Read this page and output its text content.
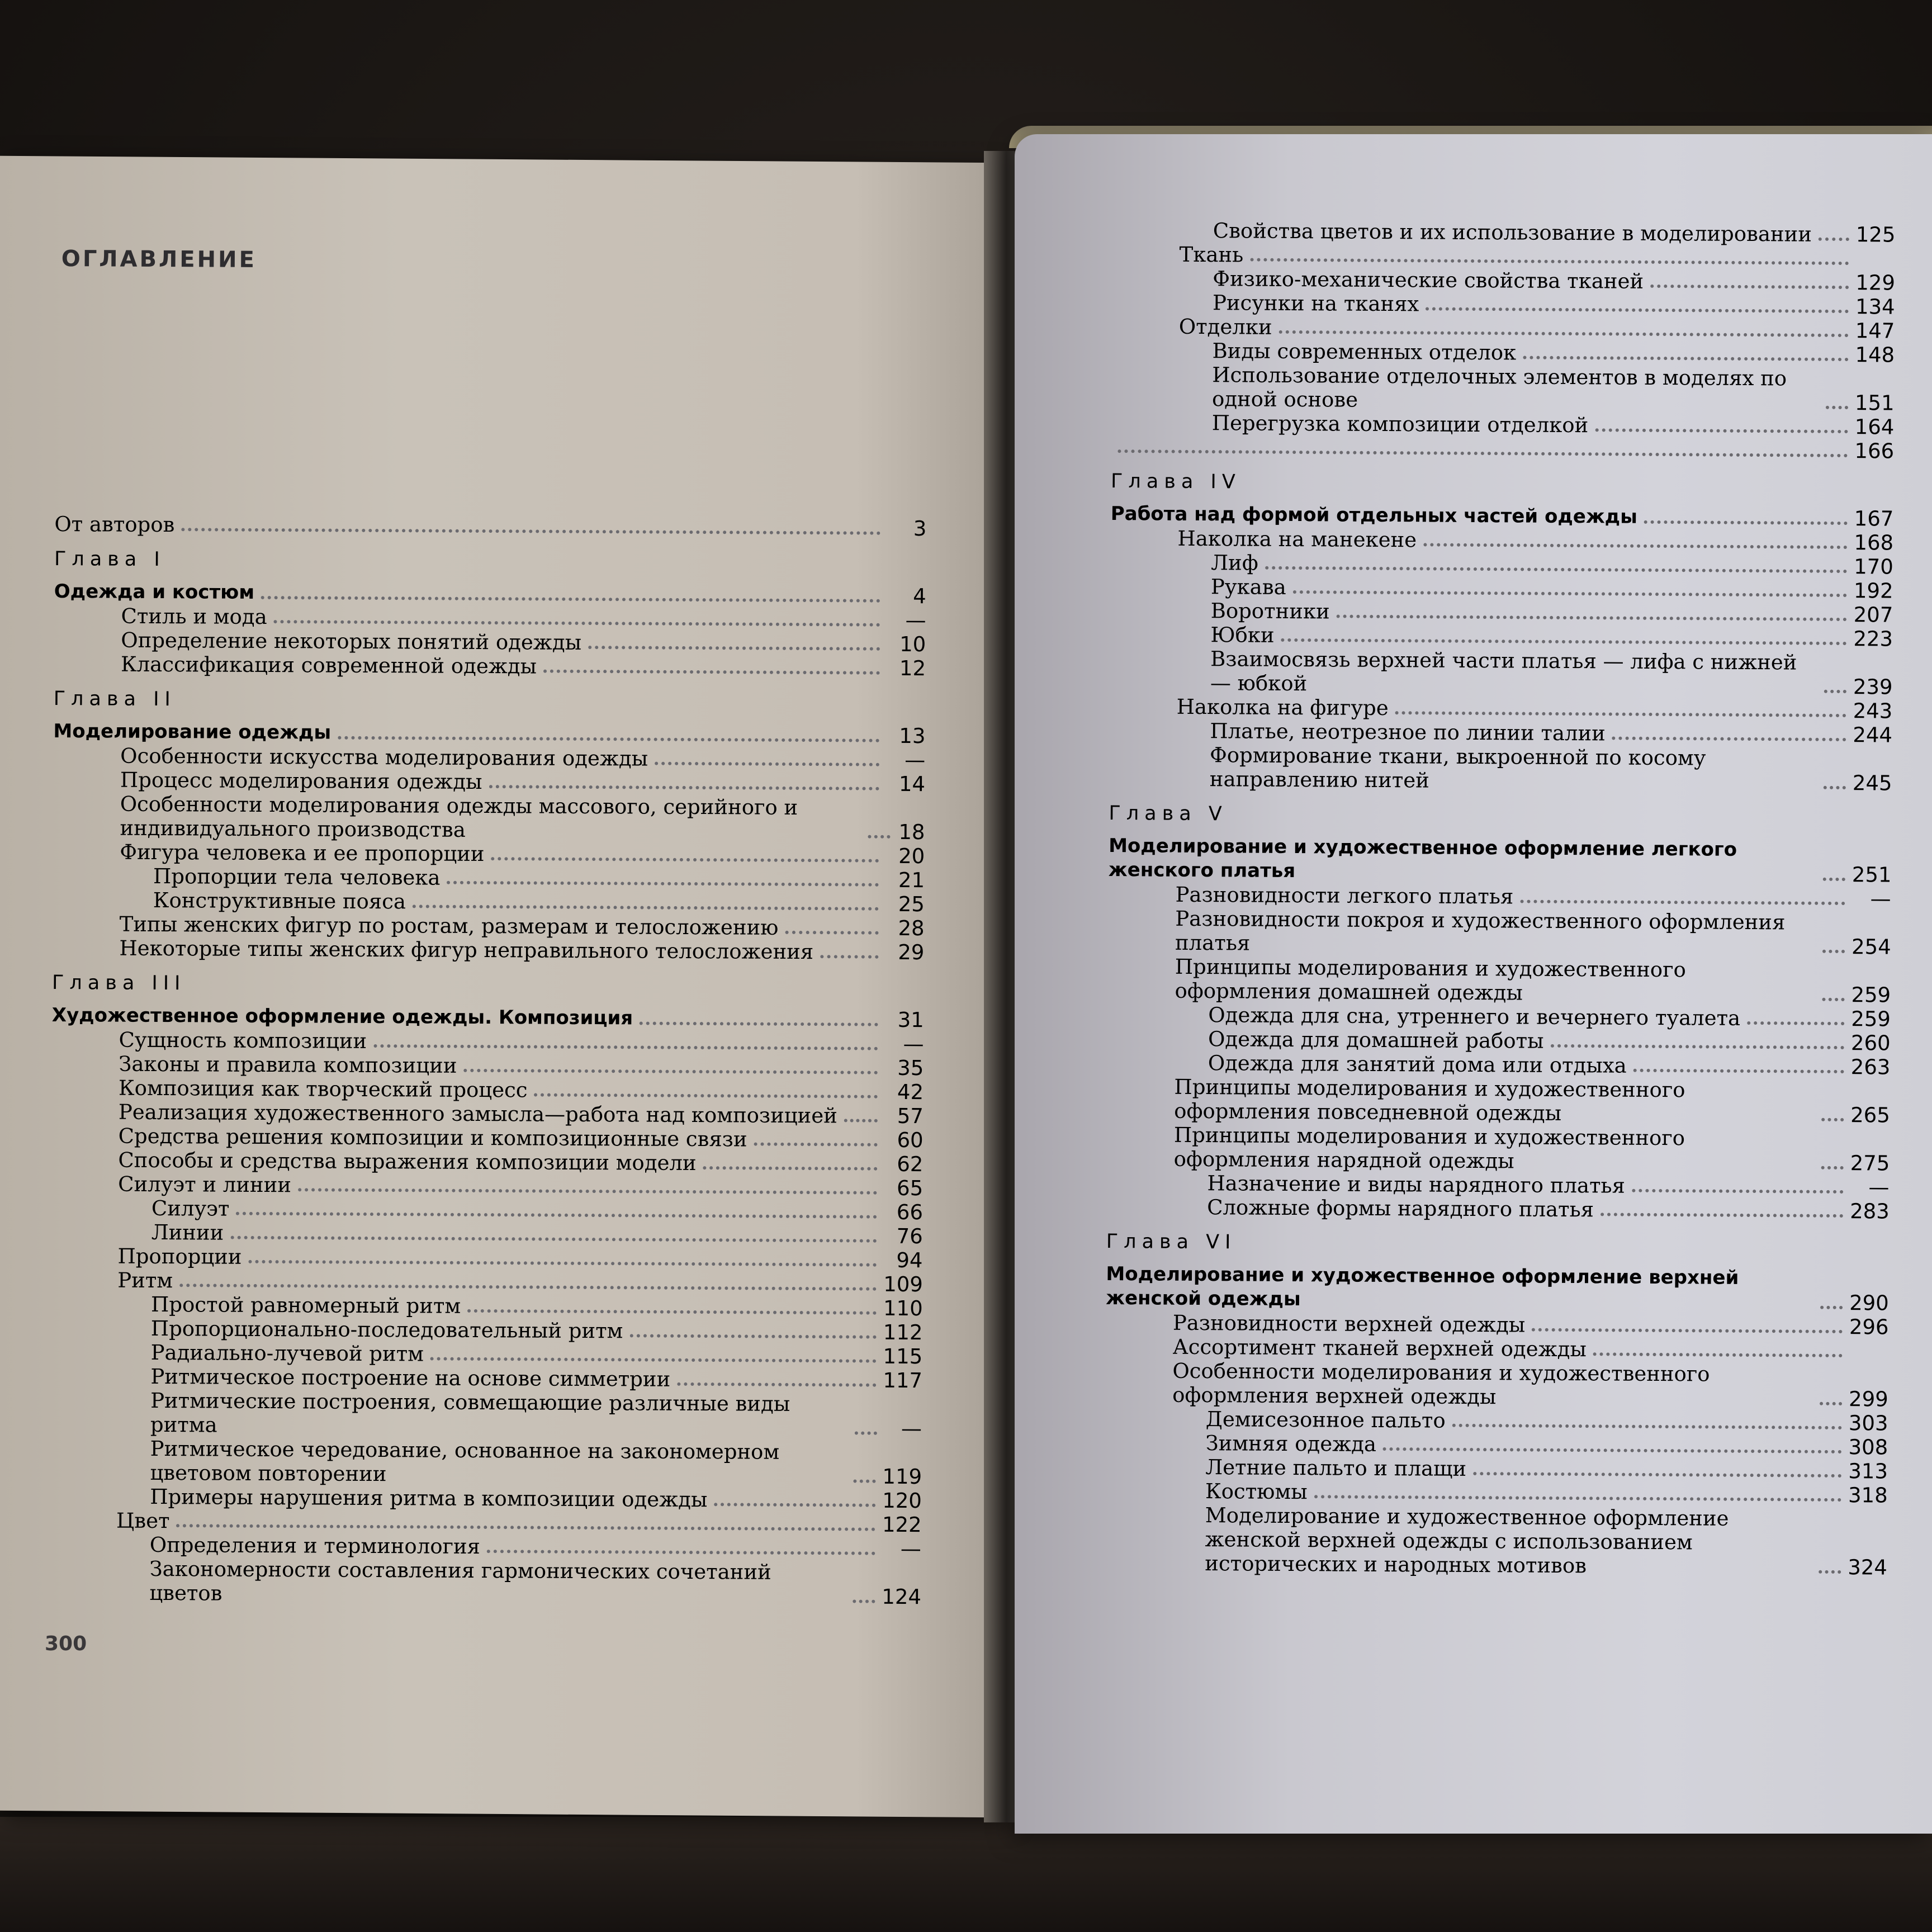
ОГЛАВЛЕНИЕ
От авторов	3
Глава I
Одежда и костюм	4
Стиль и мода	—
Определение некоторых понятий одежды	10
Классификация современной одежды	12
Глава II
Моделирование одежды	13
Особенности искусства моделирования одежды	—
Процесс моделирования одежды	14
Особенности моделирования одежды массового, серийного и индивидуального производства	18
Фигура человека и ее пропорции	20
Пропорции тела человека	21
Конструктивные пояса	25
Типы женских фигур по ростам, размерам и телосложению	28
Некоторые типы женских фигур неправильного телосложения	29
Глава III
Художественное оформление одежды. Композиция	31
Сущность композиции	—
Законы и правила композиции	35
Композиция как творческий процесс	42
Реализация художественного замысла—работа над композицией	57
Средства решения композиции и композиционные связи	60
Способы и средства выражения композиции модели	62
Силуэт и линии	65
Силуэт	66
Линии	76
Пропорции	94
Ритм	109
Простой равномерный ритм	110
Пропорционально-последовательный ритм	112
Радиально-лучевой ритм	115
Ритмическое построение на основе симметрии	117
Ритмические построения, совмещающие различные виды ритма	—
Ритмическое чередование, основанное на закономерном цветовом повторении	119
Примеры нарушения ритма в композиции одежды	120
Цвет	122
Определения и терминология	—
Закономерности составления гармонических сочетаний цветов	124
300
Свойства цветов и их использование в моделировании 125
Ткань
Физико-механические свойства тканей	129
Рисунки на тканях	134
Отделки	147
Виды современных отделок	148
Использование отделочных элементов в моделях по одной основе	151
Перегрузка композиции отделкой	164
166
Глава IV
Работа над формой отдельных частей одежды	167
Наколка на манекене	168
Лиф	170
Рукава	192
Воротники	207
Юбки	223
Взаимосвязь верхней части платья — лифа с нижней — юбкой	239
Наколка на фигуре	243
Платье, неотрезное по линии талии	244
Формирование ткани, выкроенной по косому направлению нитей	245
Глава V
Моделирование и художественное оформление легкого женского платья	251
Разновидности легкого платья	—
Разновидности покроя и художественного оформления платья	254
Принципы моделирования и художественного оформления домашней одежды	259
Одежда для сна, утреннего и вечернего туалета	259
Одежда для домашней работы	260
Одежда для занятий дома или отдыха	263
Принципы моделирования и художественного оформления повседневной одежды	265
Принципы моделирования и художественного оформления нарядной одежды	275
Назначение и виды нарядного платья	—
Сложные формы нарядного платья	283
Глава VI
Моделирование и художественное оформление верхней женской одежды	290
Разновидности верхней одежды	296
Ассортимент тканей верхней одежды
Особенности моделирования и художественного оформления верхней одежды	299
Демисезонное пальто	303
Зимняя одежда	308
Летние пальто и плащи	313
Костюмы	318
Моделирование и художественное оформление женской верхней одежды с использованием исторических и народных мотивов	324
